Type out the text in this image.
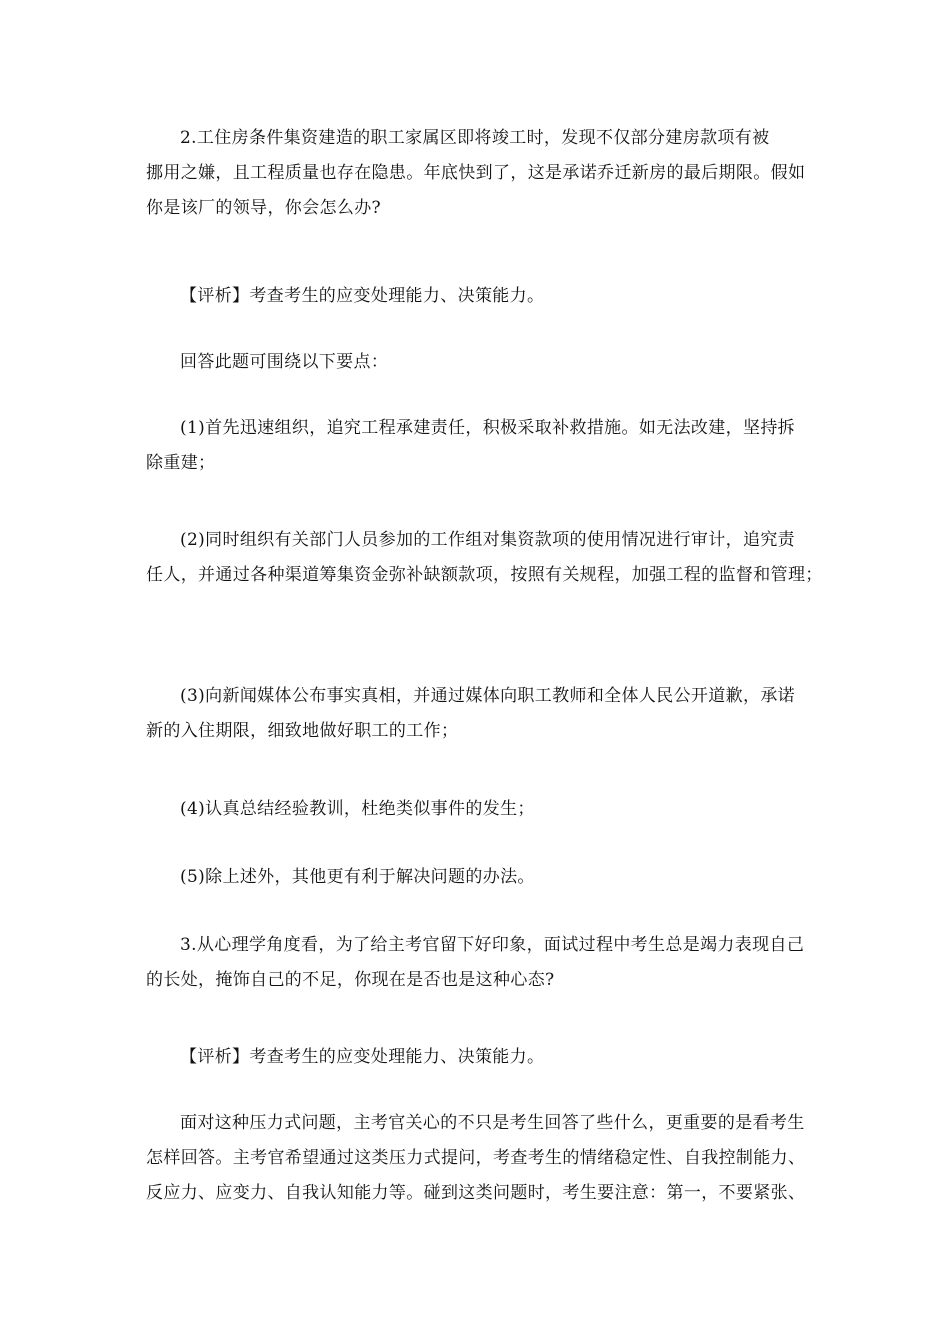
2.工住房条件集资建造的职工家属区即将竣工时，发现不仅部分建房款项有被
挪用之嫌，且工程质量也存在隐患。年底快到了，这是承诺乔迁新房的最后期限。假如
你是该厂的领导，你会怎么办?
【评析】考查考生的应变处理能力、决策能力。
回答此题可围绕以下要点：
(1)首先迅速组织，追究工程承建责任，积极采取补救措施。如无法改建，坚持拆
除重建；
(2)同时组织有关部门人员参加的工作组对集资款项的使用情况进行审计，追究责
任人，并通过各种渠道筹集资金弥补缺额款项，按照有关规程，加强工程的监督和管理；
(3)向新闻媒体公布事实真相，并通过媒体向职工教师和全体人民公开道歉，承诺
新的入住期限，细致地做好职工的工作；
(4)认真总结经验教训，杜绝类似事件的发生；
(5)除上述外，其他更有利于解决问题的办法。
3.从心理学角度看，为了给主考官留下好印象，面试过程中考生总是竭力表现自己
的长处，掩饰自己的不足，你现在是否也是这种心态?
【评析】考查考生的应变处理能力、决策能力。
面对这种压力式问题，主考官关心的不只是考生回答了些什么，更重要的是看考生
怎样回答。主考官希望通过这类压力式提问，考查考生的情绪稳定性、自我控制能力、
反应力、应变力、自我认知能力等。碰到这类问题时，考生要注意：第一，不要紧张、
